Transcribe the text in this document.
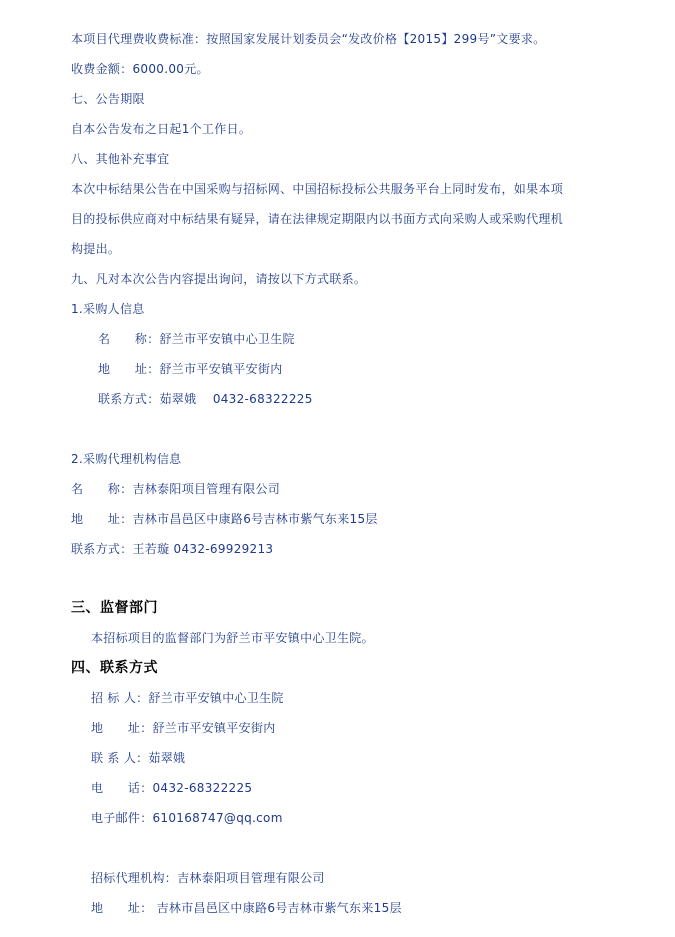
本项目代理费收费标准：按照国家发展计划委员会“发改价格【2015】299号”文要求。
收费金额：6000.00元。
七、公告期限
自本公告发布之日起1个工作日。
八、其他补充事宜
本次中标结果公告在中国采购与招标网、中国招标投标公共服务平台上同时发布，如果本项
目的投标供应商对中标结果有疑异，请在法律规定期限内以书面方式向采购人或采购代理机
构提出。
九、凡对本次公告内容提出询问，请按以下方式联系。
1.采购人信息
名　　称：舒兰市平安镇中心卫生院
地　　址：舒兰市平安镇平安街内
联系方式：茹翠娥　 0432-68322225
2.采购代理机构信息
名　　称：吉林泰阳项目管理有限公司
地　　址：吉林市昌邑区中康路6号吉林市紫气东来15层
联系方式：王若璇 0432-69929213
三、监督部门
本招标项目的监督部门为舒兰市平安镇中心卫生院。
四、联系方式
招 标 人：舒兰市平安镇中心卫生院
地　　址：舒兰市平安镇平安街内
联 系 人：茹翠娥
电　　话：0432-68322225
电子邮件：610168747@qq.com
招标代理机构：吉林泰阳项目管理有限公司
地　　址： 吉林市昌邑区中康路6号吉林市紫气东来15层
